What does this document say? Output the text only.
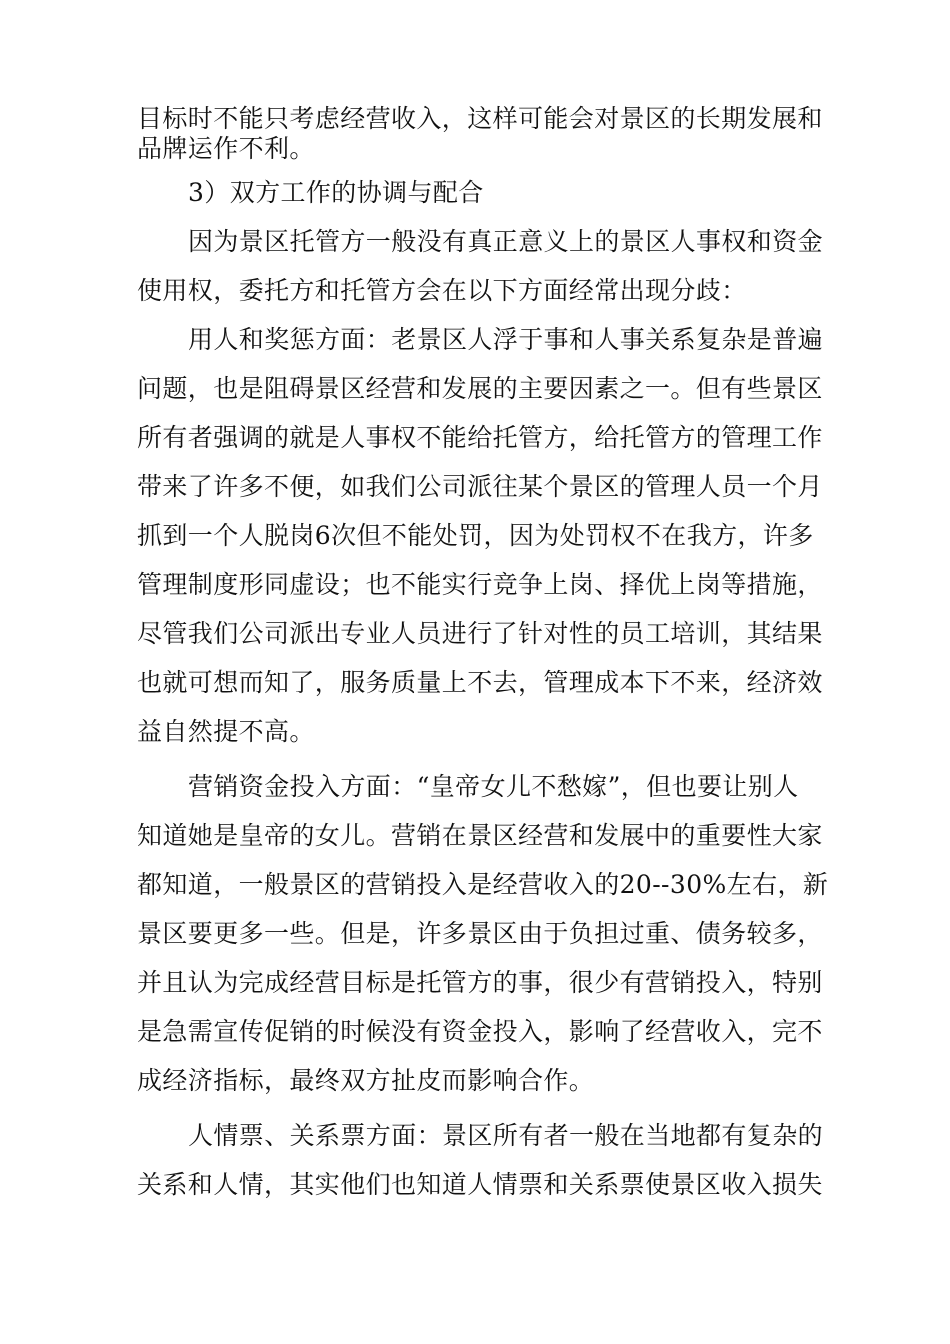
目标时不能只考虑经营收入，这样可能会对景区的长期发展和
品牌运作不利。
3）双方工作的协调与配合
因为景区托管方一般没有真正意义上的景区人事权和资金
使用权，委托方和托管方会在以下方面经常出现分歧：
用人和奖惩方面：老景区人浮于事和人事关系复杂是普遍
问题，也是阻碍景区经营和发展的主要因素之一。但有些景区
所有者强调的就是人事权不能给托管方，给托管方的管理工作
带来了许多不便，如我们公司派往某个景区的管理人员一个月
抓到一个人脱岗6次但不能处罚，因为处罚权不在我方，许多
管理制度形同虚设；也不能实行竞争上岗、择优上岗等措施，
尽管我们公司派出专业人员进行了针对性的员工培训，其结果
也就可想而知了，服务质量上不去，管理成本下不来，经济效
益自然提不高。
营销资金投入方面：“皇帝女儿不愁嫁”，但也要让别人
知道她是皇帝的女儿。营销在景区经营和发展中的重要性大家
都知道，一般景区的营销投入是经营收入的20--30%左右，新
景区要更多一些。但是，许多景区由于负担过重、债务较多，
并且认为完成经营目标是托管方的事，很少有营销投入，特别
是急需宣传促销的时候没有资金投入，影响了经营收入，完不
成经济指标，最终双方扯皮而影响合作。
人情票、关系票方面：景区所有者一般在当地都有复杂的
关系和人情，其实他们也知道人情票和关系票使景区收入损失
